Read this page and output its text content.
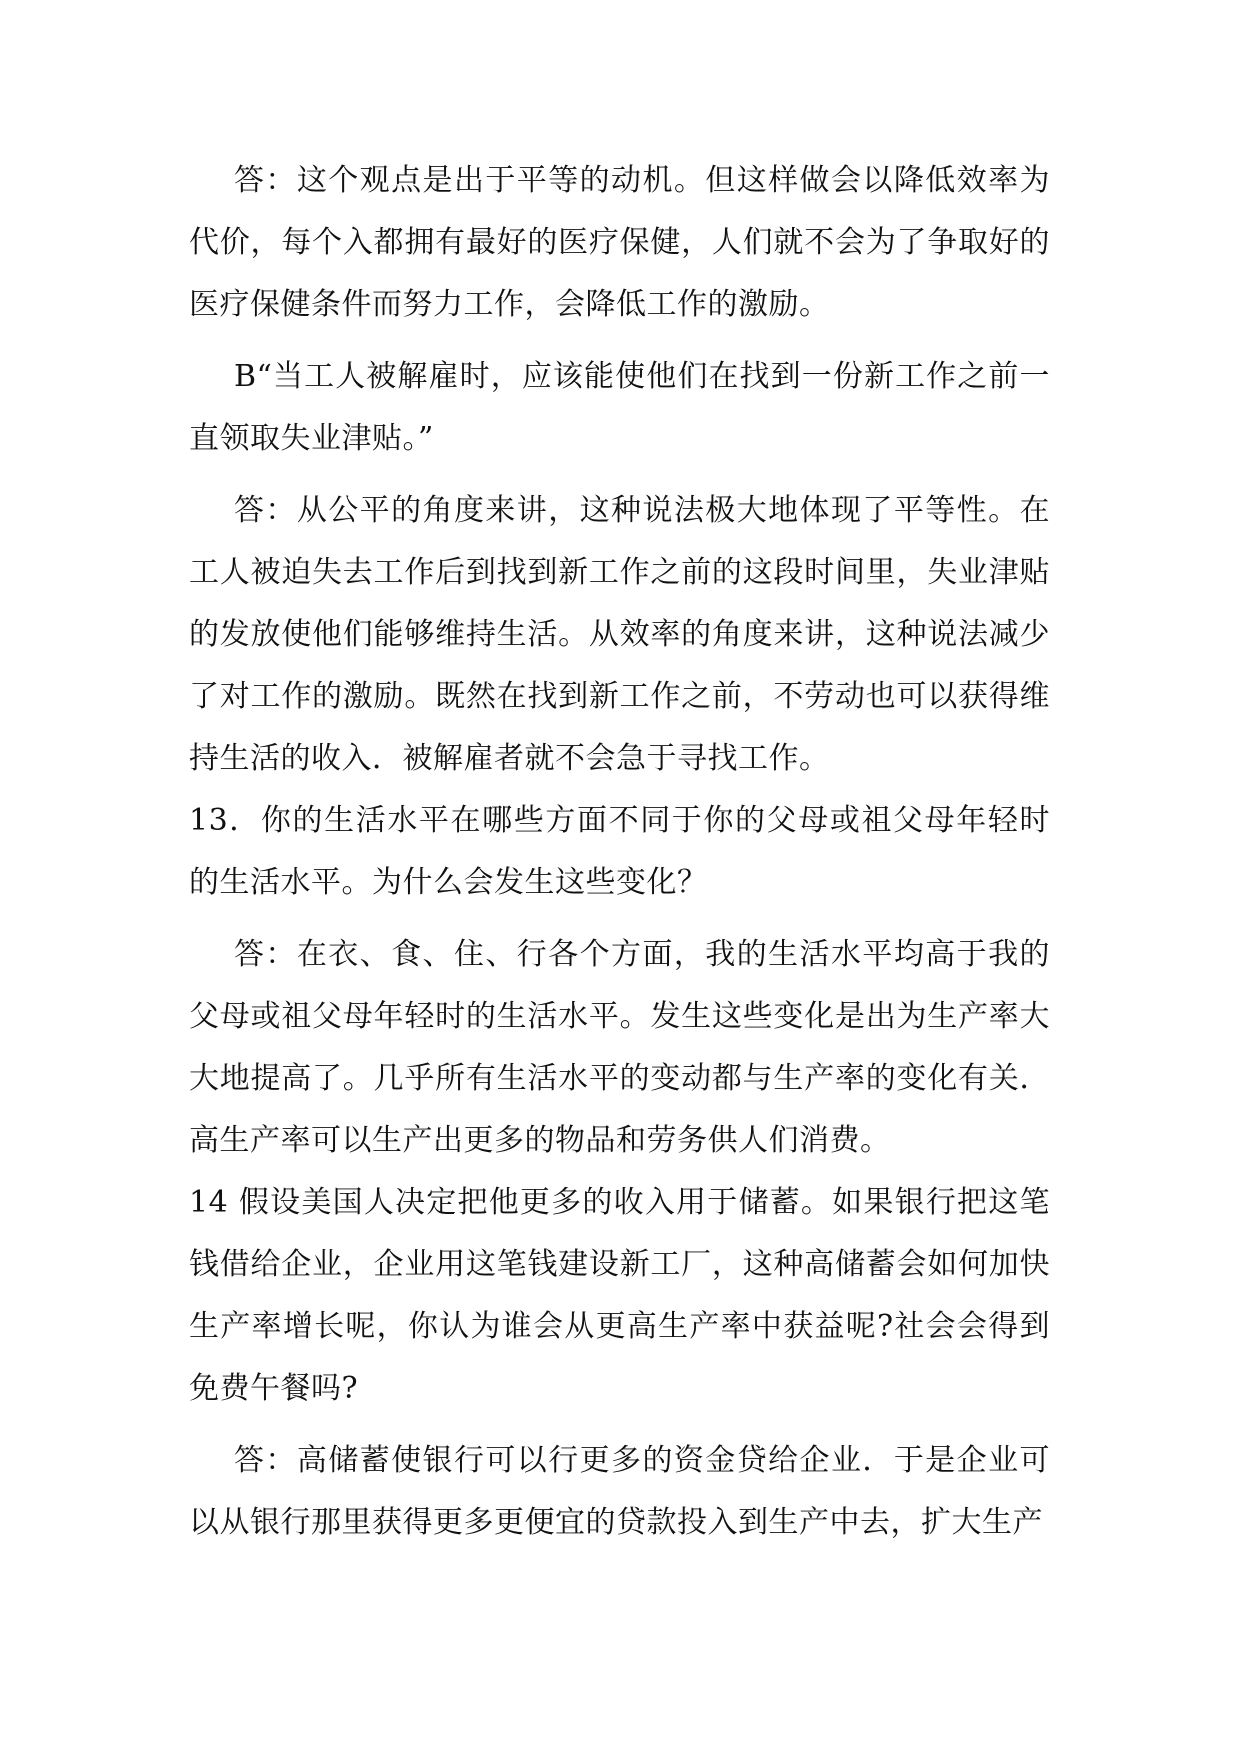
答：这个观点是出于平等的动机。但这样做会以降低效率为代价，每个入都拥有最好的医疗保健，人们就不会为了争取好的医疗保健条件而努力工作，会降低工作的激励。

B“当工人被解雇时，应该能使他们在找到一份新工作之前一直领取失业津贴。”

答：从公平的角度来讲，这种说法极大地体现了平等性。在工人被迫失去工作后到找到新工作之前的这段时间里，失业津贴的发放使他们能够维持生活。从效率的角度来讲，这种说法减少了对工作的激励。既然在找到新工作之前，不劳动也可以获得维持生活的收入．被解雇者就不会急于寻找工作。

13．你的生活水平在哪些方面不同于你的父母或祖父母年轻时的生活水平。为什么会发生这些变化？

答：在衣、食、住、行各个方面，我的生活水平均高于我的父母或祖父母年轻时的生活水平。发生这些变化是出为生产率大大地提高了。几乎所有生活水平的变动都与生产率的变化有关．高生产率可以生产出更多的物品和劳务供人们消费。

14 假设美国人决定把他更多的收入用于储蓄。如果银行把这笔钱借给企业，企业用这笔钱建设新工厂，这种高储蓄会如何加快生产率增长呢，你认为谁会从更高生产率中获益呢?社会会得到免费午餐吗?

答：高储蓄使银行可以行更多的资金贷给企业．于是企业可以从银行那里获得更多更便宜的贷款投入到生产中去，扩大生产
